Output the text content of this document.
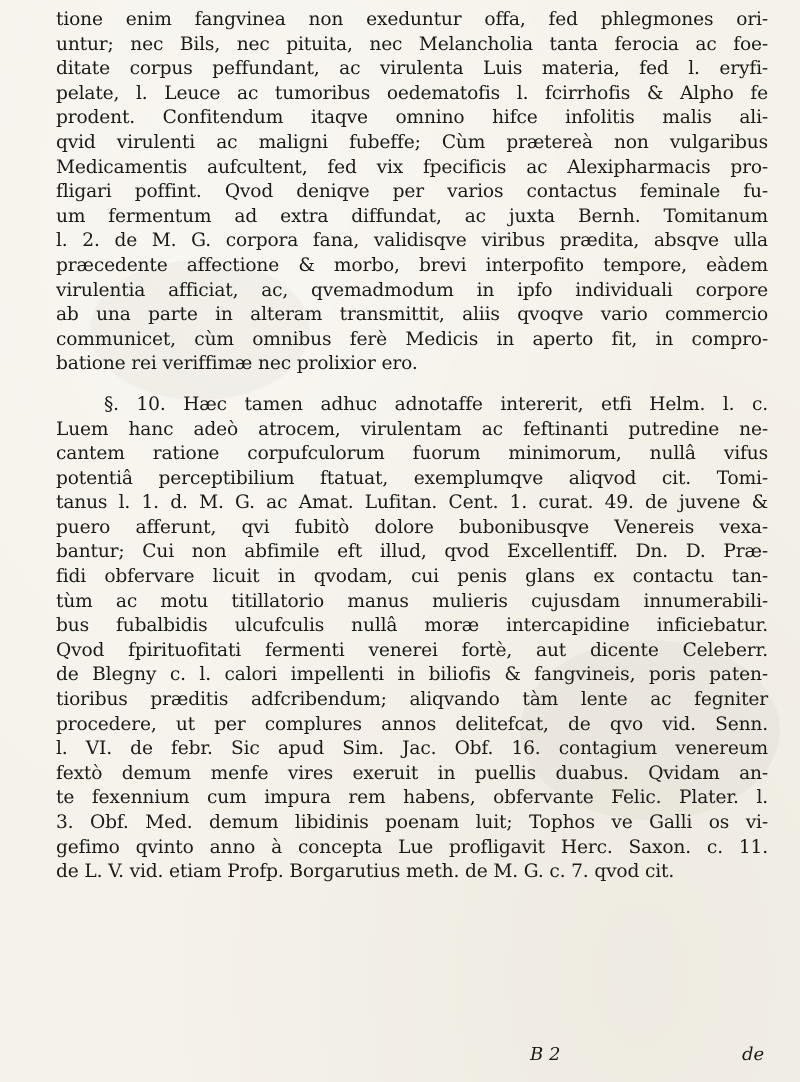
tione enim fangvinea non exeduntur offa, fed phlegmones ori-
untur; nec Bils, nec pituita, nec Melancholia tanta ferocia ac foe-
ditate corpus peffundant, ac virulenta Luis materia, fed l. eryfi-
pelate, l. Leuce ac tumoribus oedematofis l. fcirrhofis & Alpho fe
prodent. Confitendum itaqve omnino hifce infolitis malis ali-
qvid virulenti ac maligni fubeffe; Cùm prætereà non vulgaribus
Medicamentis aufcultent, fed vix fpecificis ac Alexipharmacis pro-
fligari poffint. Qvod deniqve per varios contactus feminale fu-
um fermentum ad extra diffundat, ac juxta Bernh. Tomitanum
l. 2. de M. G. corpora fana, validisqve viribus prædita, absqve ulla
præcedente affectione & morbo, brevi interpofito tempore, eàdem
virulentia afficiat, ac, qvemadmodum in ipfo individuali corpore
ab una parte in alteram transmittit, aliis qvoqve vario commercio
communicet, cùm omnibus ferè Medicis in aperto fit, in compro-
batione rei veriffimæ nec prolixior ero.
§. 10. Hæc tamen adhuc adnotaffe intererit, etfi Helm. l. c.
Luem hanc adeò atrocem, virulentam ac feftinanti putredine ne-
cantem ratione corpufculorum fuorum minimorum, nullâ vifus
potentiâ perceptibilium ftatuat, exemplumqve aliqvod cit. Tomi-
tanus l. 1. d. M. G. ac Amat. Lufitan. Cent. 1. curat. 49. de juvene &
puero afferunt, qvi fubitò dolore bubonibusqve Venereis vexa-
bantur; Cui non abfimile eft illud, qvod Excellentiff. Dn. D. Præ-
fidi obfervare licuit in qvodam, cui penis glans ex contactu tan-
tùm ac motu titillatorio manus mulieris cujusdam innumerabili-
bus fubalbidis ulcufculis nullâ moræ intercapidine inficiebatur.
Qvod fpirituofitati fermenti venerei fortè, aut dicente Celeberr.
de Blegny c. l. calori impellenti in biliofis & fangvineis, poris paten-
tioribus præditis adfcribendum; aliqvando tàm lente ac fegniter
procedere, ut per complures annos delitefcat, de qvo vid. Senn.
l. VI. de febr. Sic apud Sim. Jac. Obf. 16. contagium venereum
fextò demum menfe vires exeruit in puellis duabus. Qvidam an-
te fexennium cum impura rem habens, obfervante Felic. Plater. l.
3. Obf. Med. demum libidinis poenam luit; Tophos ve Galli os vi-
gefimo qvinto anno à concepta Lue profligavit Herc. Saxon. c. 11.
de L. V. vid. etiam Profp. Borgarutius meth. de M. G. c. 7. qvod cit.
B 2	de
